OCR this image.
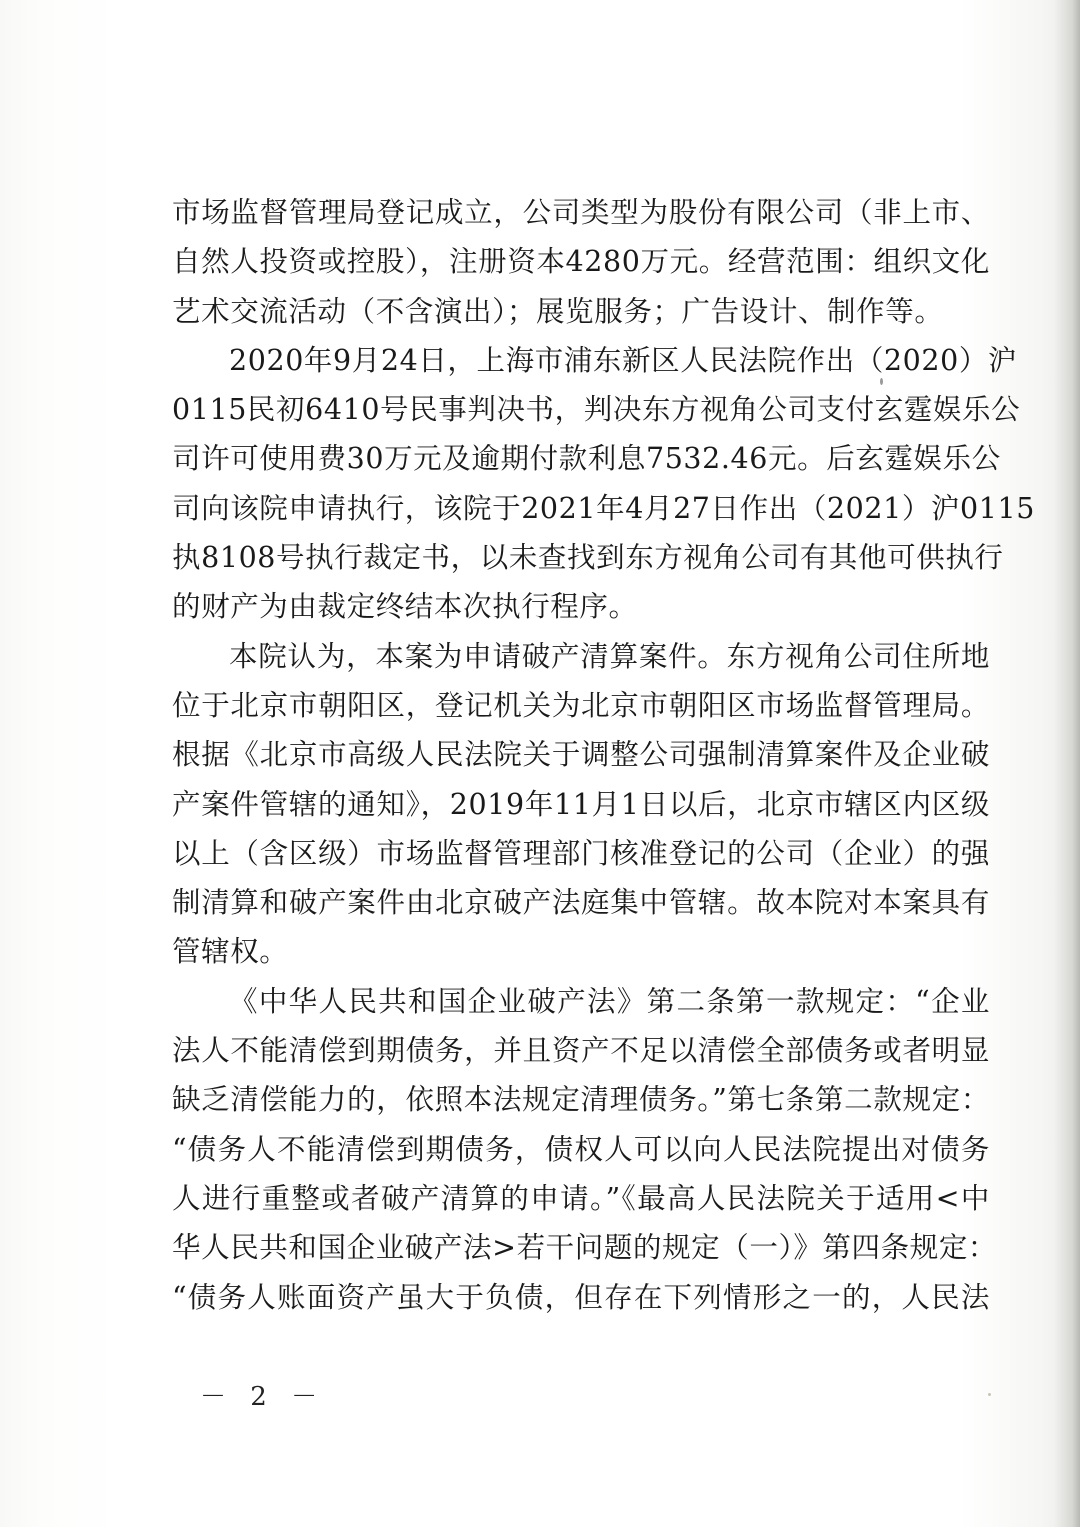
市场监督管理局登记成立，公司类型为股份有限公司（非上市、
自然人投资或控股），注册资本4280万元。经营范围：组织文化
艺术交流活动（不含演出）；展览服务；广告设计、制作等。
2020年9月24日，上海市浦东新区人民法院作出（2020）沪
0115民初6410号民事判决书，判决东方视角公司支付玄霆娱乐公
司许可使用费30万元及逾期付款利息7532.46元。后玄霆娱乐公
司向该院申请执行，该院于2021年4月27日作出（2021）沪0115
执8108号执行裁定书，以未查找到东方视角公司有其他可供执行
的财产为由裁定终结本次执行程序。
本院认为，本案为申请破产清算案件。东方视角公司住所地
位于北京市朝阳区，登记机关为北京市朝阳区市场监督管理局。
根据《北京市高级人民法院关于调整公司强制清算案件及企业破
产案件管辖的通知》，2019年11月1日以后，北京市辖区内区级
以上（含区级）市场监督管理部门核准登记的公司（企业）的强
制清算和破产案件由北京破产法庭集中管辖。故本院对本案具有
管辖权。
《中华人民共和国企业破产法》第二条第一款规定：“企业
法人不能清偿到期债务，并且资产不足以清偿全部债务或者明显
缺乏清偿能力的，依照本法规定清理债务。”第七条第二款规定：
“债务人不能清偿到期债务，债权人可以向人民法院提出对债务
人进行重整或者破产清算的申请。”《最高人民法院关于适用<中
华人民共和国企业破产法>若干问题的规定（一）》第四条规定：
“债务人账面资产虽大于负债，但存在下列情形之一的，人民法
－ 2 －
